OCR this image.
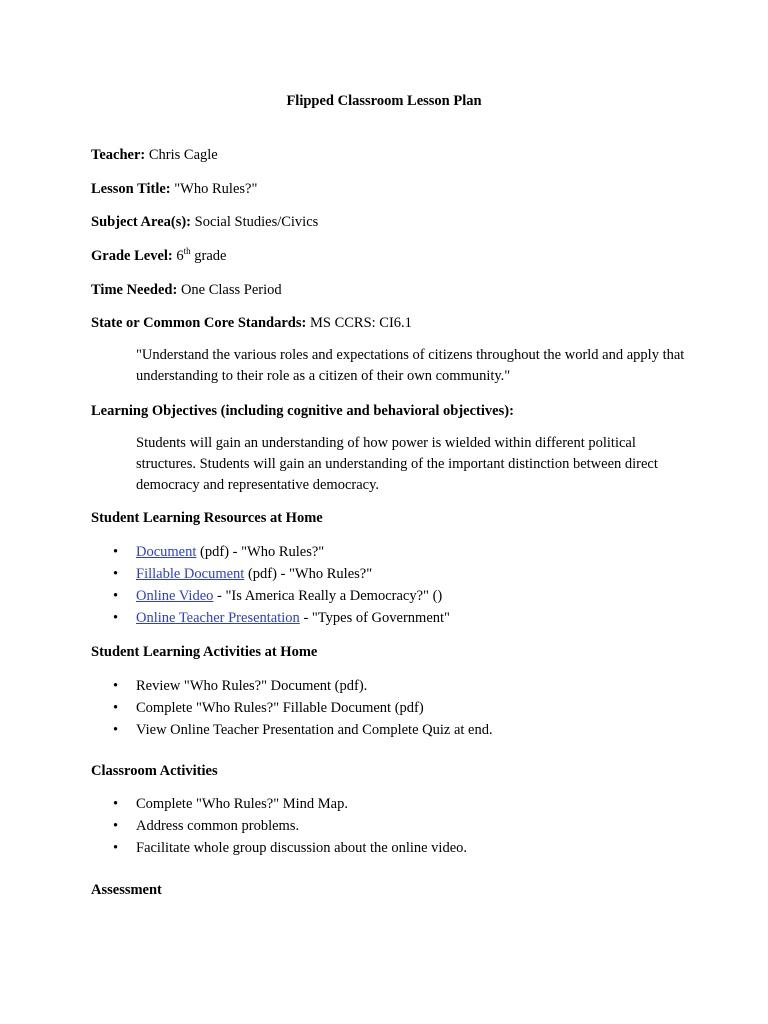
Flipped Classroom Lesson Plan
Teacher: Chris Cagle
Lesson Title: "Who Rules?"
Subject Area(s): Social Studies/Civics
Grade Level: 6th grade
Time Needed: One Class Period
State or Common Core Standards: MS CCRS: CI6.1
"Understand the various roles and expectations of citizens throughout the world and apply that understanding to their role as a citizen of their own community."
Learning Objectives (including cognitive and behavioral objectives):
Students will gain an understanding of how power is wielded within different political structures. Students will gain an understanding of the important distinction between direct democracy and representative democracy.
Student Learning Resources at Home
• Document (pdf) - "Who Rules?"
• Fillable Document (pdf) - "Who Rules?"
• Online Video - "Is America Really a Democracy?" ()
• Online Teacher Presentation - "Types of Government"
Student Learning Activities at Home
• Review "Who Rules?" Document (pdf).
• Complete "Who Rules?" Fillable Document (pdf)
• View Online Teacher Presentation and Complete Quiz at end.
Classroom Activities
• Complete "Who Rules?" Mind Map.
• Address common problems.
• Facilitate whole group discussion about the online video.
Assessment
